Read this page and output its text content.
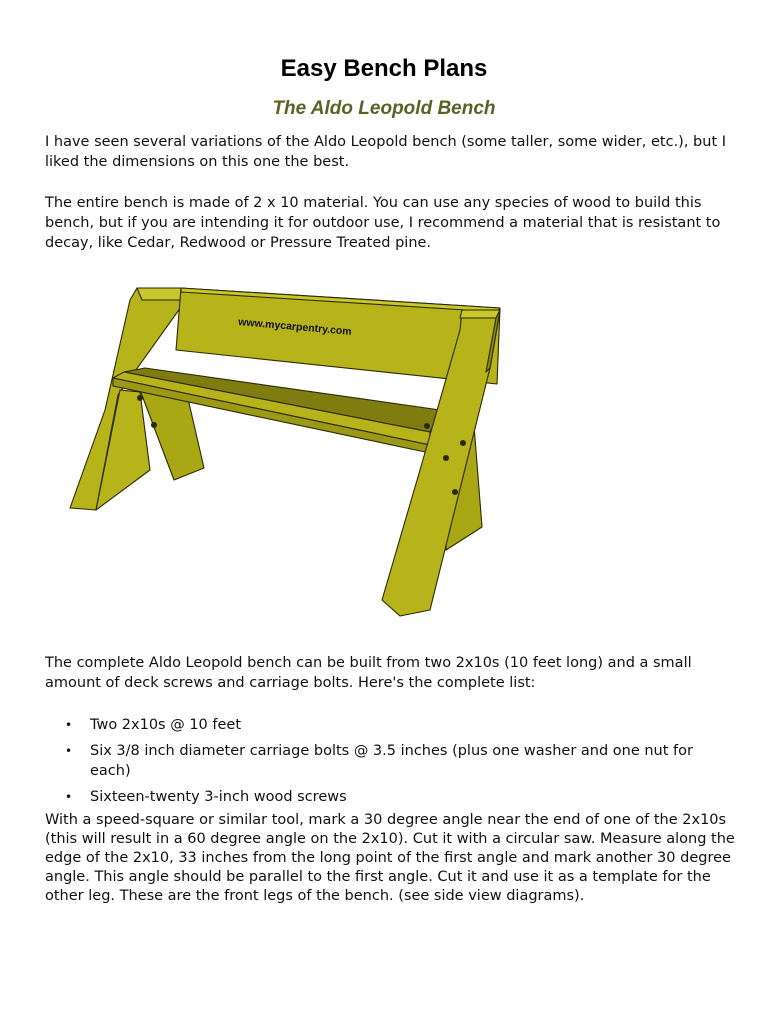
Easy Bench Plans
The Aldo Leopold Bench

I have seen several variations of the Aldo Leopold bench (some taller, some wider, etc.), but I liked the dimensions on this one the best.

The entire bench is made of 2 x 10 material. You can use any species of wood to build this bench, but if you are intending it for outdoor use, I recommend a material that is resistant to decay, like Cedar, Redwood or Pressure Treated pine.

www.mycarpentry.com

The complete Aldo Leopold bench can be built from two 2x10s (10 feet long) and a small amount of deck screws and carriage bolts. Here's the complete list:

• Two 2x10s @ 10 feet
• Six 3/8 inch diameter carriage bolts @ 3.5 inches (plus one washer and one nut for each)
• Sixteen-twenty 3-inch wood screws

With a speed-square or similar tool, mark a 30 degree angle near the end of one of the 2x10s (this will result in a 60 degree angle on the 2x10). Cut it with a circular saw. Measure along the edge of the 2x10, 33 inches from the long point of the first angle and mark another 30 degree angle. This angle should be parallel to the first angle. Cut it and use it as a template for the other leg. These are the front legs of the bench. (see side view diagrams).
